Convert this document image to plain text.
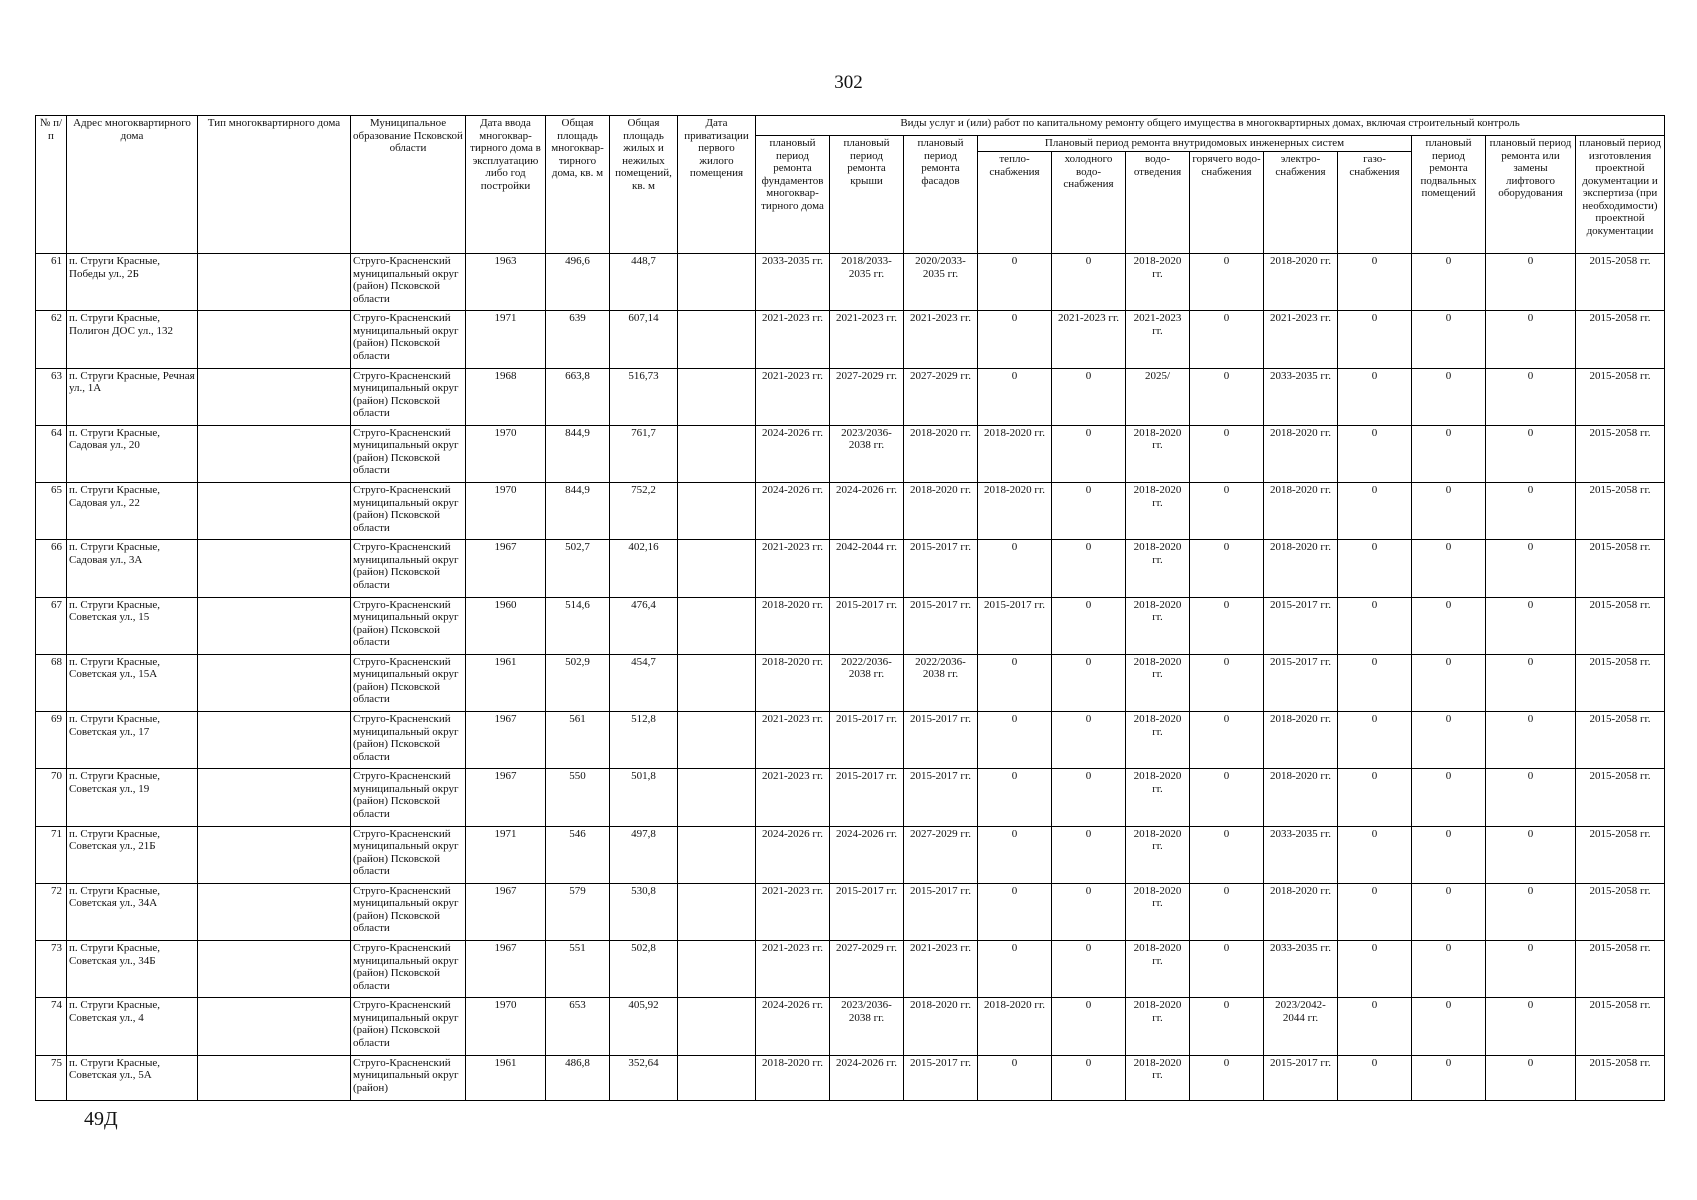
302
№ п/п	Адрес многоквартирного дома	Тип многоквартирного дома	Муниципальное образование Псковской области	Дата ввода многоквар-тирного дома в эксплуатацию либо год постройки	Общая площадь многоквар-тирного дома, кв. м	Общая площадь жилых и нежилых помещений, кв. м	Дата приватизации первого жилого помещения	Виды услуг и (или) работ по капитальному ремонту общего имущества в многоквартирных домах, включая строительный контроль											
								плановый период ремонта фундаментов многоквар-тирного дома	плановый период ремонта крыши	плановый период ремонта фасадов	Плановый период ремонта внутридомовых инженерных систем						плановый период ремонта подвальных помещений	плановый период ремонта или замены лифтового оборудования	плановый период изготовления проектной документации и экспертиза (при необходимости) проектной документации
											тепло-снабжения	холодного водо-снабжения	водо-отведения	горячего водо-снабжения	электро-снабжения	газо-снабжения			
61	п. Струги Красные, Победы ул., 2Б		Струго-Красненский муниципальный округ (район) Псковской области	1963	496,6	448,7		2033-2035 гг.	2018/2033-2035 гг.	2020/2033-2035 гг.	0	0	2018-2020 гг.	0	2018-2020 гг.	0	0	0	2015-2058 гг.
62	п. Струги Красные, Полигон ДОС ул., 132		Струго-Красненский муниципальный округ (район) Псковской области	1971	639	607,14		2021-2023 гг.	2021-2023 гг.	2021-2023 гг.	0	2021-2023 гг.	2021-2023 гг.	0	2021-2023 гг.	0	0	0	2015-2058 гг.
63	п. Струги Красные, Речная ул., 1А		Струго-Красненский муниципальный округ (район) Псковской области	1968	663,8	516,73		2021-2023 гг.	2027-2029 гг.	2027-2029 гг.	0	0	2025/	0	2033-2035 гг.	0	0	0	2015-2058 гг.
64	п. Струги Красные, Садовая ул., 20		Струго-Красненский муниципальный округ (район) Псковской области	1970	844,9	761,7		2024-2026 гг.	2023/2036-2038 гг.	2018-2020 гг.	2018-2020 гг.	0	2018-2020 гг.	0	2018-2020 гг.	0	0	0	2015-2058 гг.
65	п. Струги Красные, Садовая ул., 22		Струго-Красненский муниципальный округ (район) Псковской области	1970	844,9	752,2		2024-2026 гг.	2024-2026 гг.	2018-2020 гг.	2018-2020 гг.	0	2018-2020 гг.	0	2018-2020 гг.	0	0	0	2015-2058 гг.
66	п. Струги Красные, Садовая ул., 3А		Струго-Красненский муниципальный округ (район) Псковской области	1967	502,7	402,16		2021-2023 гг.	2042-2044 гг.	2015-2017 гг.	0	0	2018-2020 гг.	0	2018-2020 гг.	0	0	0	2015-2058 гг.
67	п. Струги Красные, Советская ул., 15		Струго-Красненский муниципальный округ (район) Псковской области	1960	514,6	476,4		2018-2020 гг.	2015-2017 гг.	2015-2017 гг.	2015-2017 гг.	0	2018-2020 гг.	0	2015-2017 гг.	0	0	0	2015-2058 гг.
68	п. Струги Красные, Советская ул., 15А		Струго-Красненский муниципальный округ (район) Псковской области	1961	502,9	454,7		2018-2020 гг.	2022/2036-2038 гг.	2022/2036-2038 гг.	0	0	2018-2020 гг.	0	2015-2017 гг.	0	0	0	2015-2058 гг.
69	п. Струги Красные, Советская ул., 17		Струго-Красненский муниципальный округ (район) Псковской области	1967	561	512,8		2021-2023 гг.	2015-2017 гг.	2015-2017 гг.	0	0	2018-2020 гг.	0	2018-2020 гг.	0	0	0	2015-2058 гг.
70	п. Струги Красные, Советская ул., 19		Струго-Красненский муниципальный округ (район) Псковской области	1967	550	501,8		2021-2023 гг.	2015-2017 гг.	2015-2017 гг.	0	0	2018-2020 гг.	0	2018-2020 гг.	0	0	0	2015-2058 гг.
71	п. Струги Красные, Советская ул., 21Б		Струго-Красненский муниципальный округ (район) Псковской области	1971	546	497,8		2024-2026 гг.	2024-2026 гг.	2027-2029 гг.	0	0	2018-2020 гг.	0	2033-2035 гг.	0	0	0	2015-2058 гг.
72	п. Струги Красные, Советская ул., 34А		Струго-Красненский муниципальный округ (район) Псковской области	1967	579	530,8		2021-2023 гг.	2015-2017 гг.	2015-2017 гг.	0	0	2018-2020 гг.	0	2018-2020 гг.	0	0	0	2015-2058 гг.
73	п. Струги Красные, Советская ул., 34Б		Струго-Красненский муниципальный округ (район) Псковской области	1967	551	502,8		2021-2023 гг.	2027-2029 гг.	2021-2023 гг.	0	0	2018-2020 гг.	0	2033-2035 гг.	0	0	0	2015-2058 гг.
74	п. Струги Красные, Советская ул., 4		Струго-Красненский муниципальный округ (район) Псковской области	1970	653	405,92		2024-2026 гг.	2023/2036-2038 гг.	2018-2020 гг.	2018-2020 гг.	0	2018-2020 гг.	0	2023/2042-2044 гг.	0	0	0	2015-2058 гг.
75	п. Струги Красные, Советская ул., 5А		Струго-Красненский муниципальный округ (район)	1961	486,8	352,64		2018-2020 гг.	2024-2026 гг.	2015-2017 гг.	0	0	2018-2020 гг.	0	2015-2017 гг.	0	0	0	2015-2058 гг.
49Д
